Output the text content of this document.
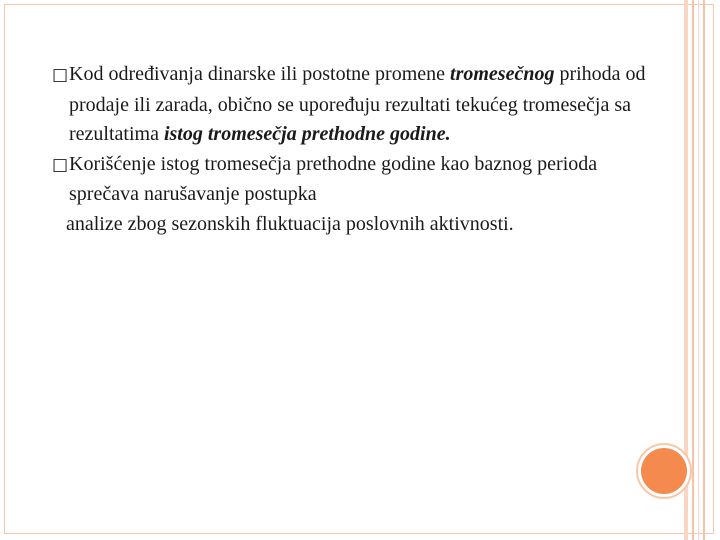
□Kod određivanja dinarske ili postotne promene tromesečnog prihoda od prodaje ili zarada, obično se upoređuju rezultati tekućeg tromesečja sa rezultatima istog tromesečja prethodne godine.

□Korišćenje istog tromesečja prethodne godine kao baznog perioda sprečava narušavanje postupka

analize zbog sezonskih fluktuacija poslovnih aktivnosti.
